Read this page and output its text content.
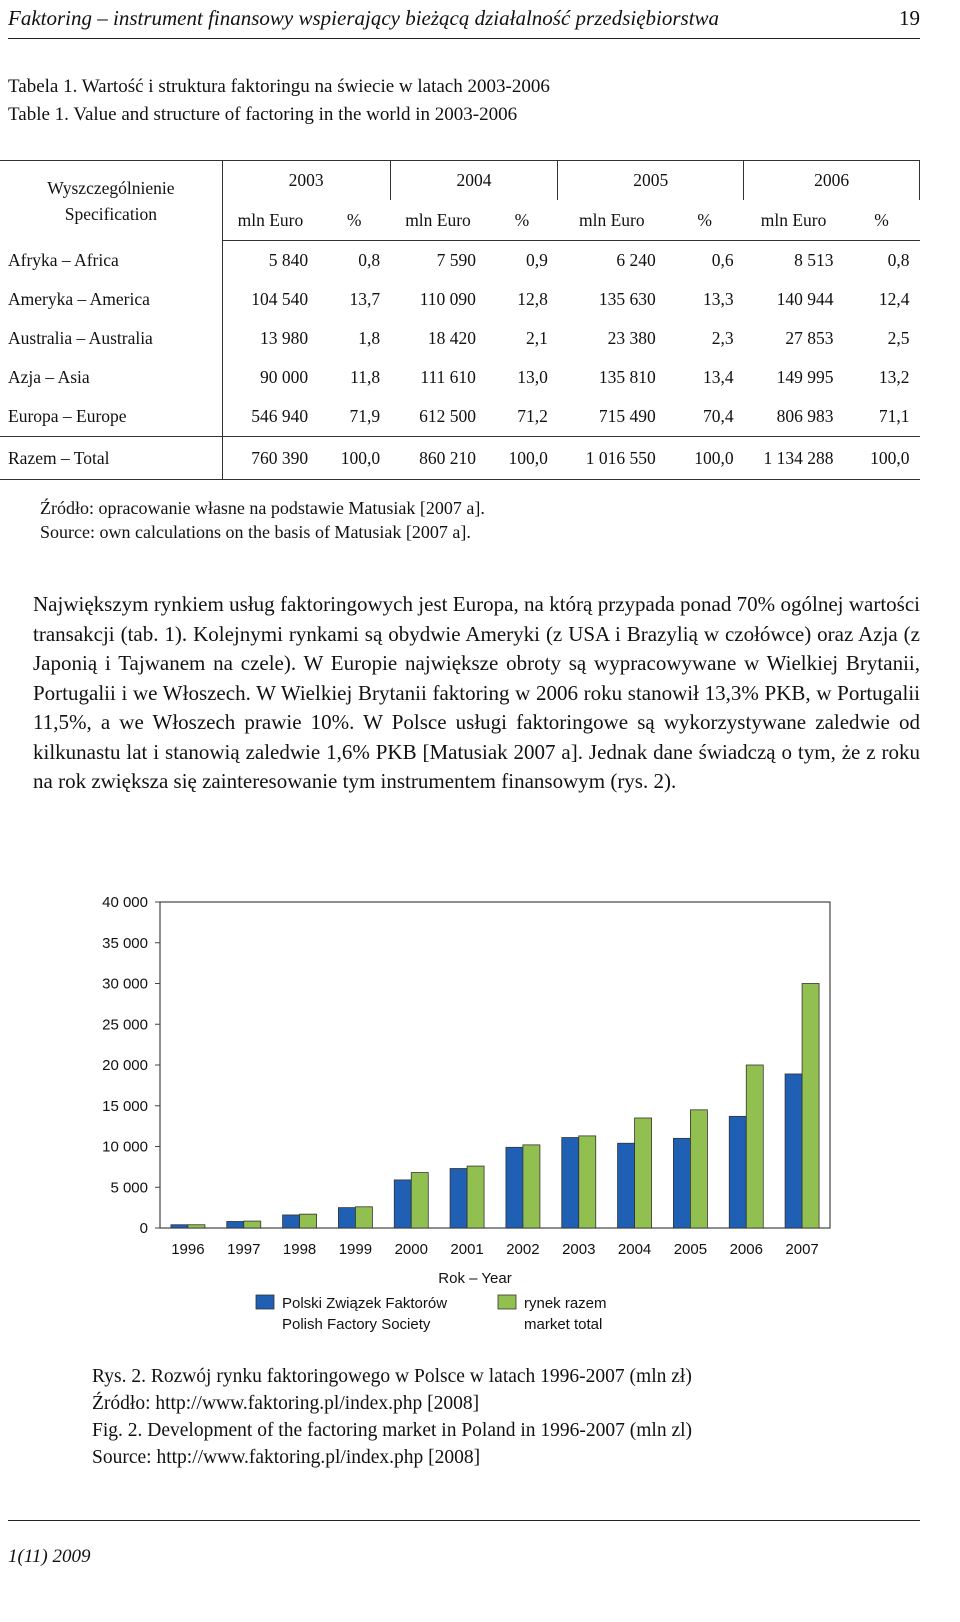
Faktoring – instrument finansowy wspierający bieżącą działalność przedsiębiorstwa	19
Tabela 1. Wartość i struktura faktoringu na świecie w latach 2003-2006
Table 1. Value and structure of factoring in the world in 2003-2006
Wyszczególnienie
Specification	2003		2004		2005		2006	
	mln Euro	%	mln Euro	%	mln Euro	%	mln Euro	%
Afryka – Africa	5 840	0,8	7 590	0,9	6 240	0,6	8 513	0,8
Ameryka – America	104 540	13,7	110 090	12,8	135 630	13,3	140 944	12,4
Australia – Australia	13 980	1,8	18 420	2,1	23 380	2,3	27 853	2,5
Azja – Asia	90 000	11,8	111 610	13,0	135 810	13,4	149 995	13,2
Europa – Europe	546 940	71,9	612 500	71,2	715 490	70,4	806 983	71,1
Razem – Total	760 390	100,0	860 210	100,0	1 016 550	100,0	1 134 288	100,0
Źródło: opracowanie własne na podstawie Matusiak [2007 a].
Source: own calculations on the basis of Matusiak [2007 a].
Największym rynkiem usług faktoringowych jest Europa, na którą przypada ponad 70% ogólnej wartości transakcji (tab. 1). Kolejnymi rynkami są obydwie Ameryki (z USA i Brazylią w czołówce) oraz Azja (z Japonią i Tajwanem na czele). W Europie największe obroty są wypracowywane w Wielkiej Brytanii, Portugalii i we Włoszech. W Wielkiej Brytanii faktoring w 2006 roku stanowił 13,3% PKB, w Portugalii 11,5%, a we Włoszech prawie 10%. W Polsce usługi faktoringowe są wykorzystywane zaledwie od kilkunastu lat i stanowią zaledwie 1,6% PKB [Matusiak 2007 a]. Jednak dane świadczą o tym, że z roku na rok zwiększa się zainteresowanie tym instrumentem finansowym (rys. 2).
0
5 000
10 000
15 000
20 000
25 000
30 000
35 000
40 000
1996 1997 1998 1999 2000 2001 2002 2003 2004 2005 2006 2007
Rok – Year
Polski Związek Faktorów
Polish Factory Society
rynek razem
market total
Rys. 2. Rozwój rynku faktoringowego w Polsce w latach 1996-2007 (mln zł)
Źródło: http://www.faktoring.pl/index.php [2008]
Fig. 2. Development of the factoring market in Poland in 1996-2007 (mln zl)
Source: http://www.faktoring.pl/index.php [2008]
1(11) 2009
